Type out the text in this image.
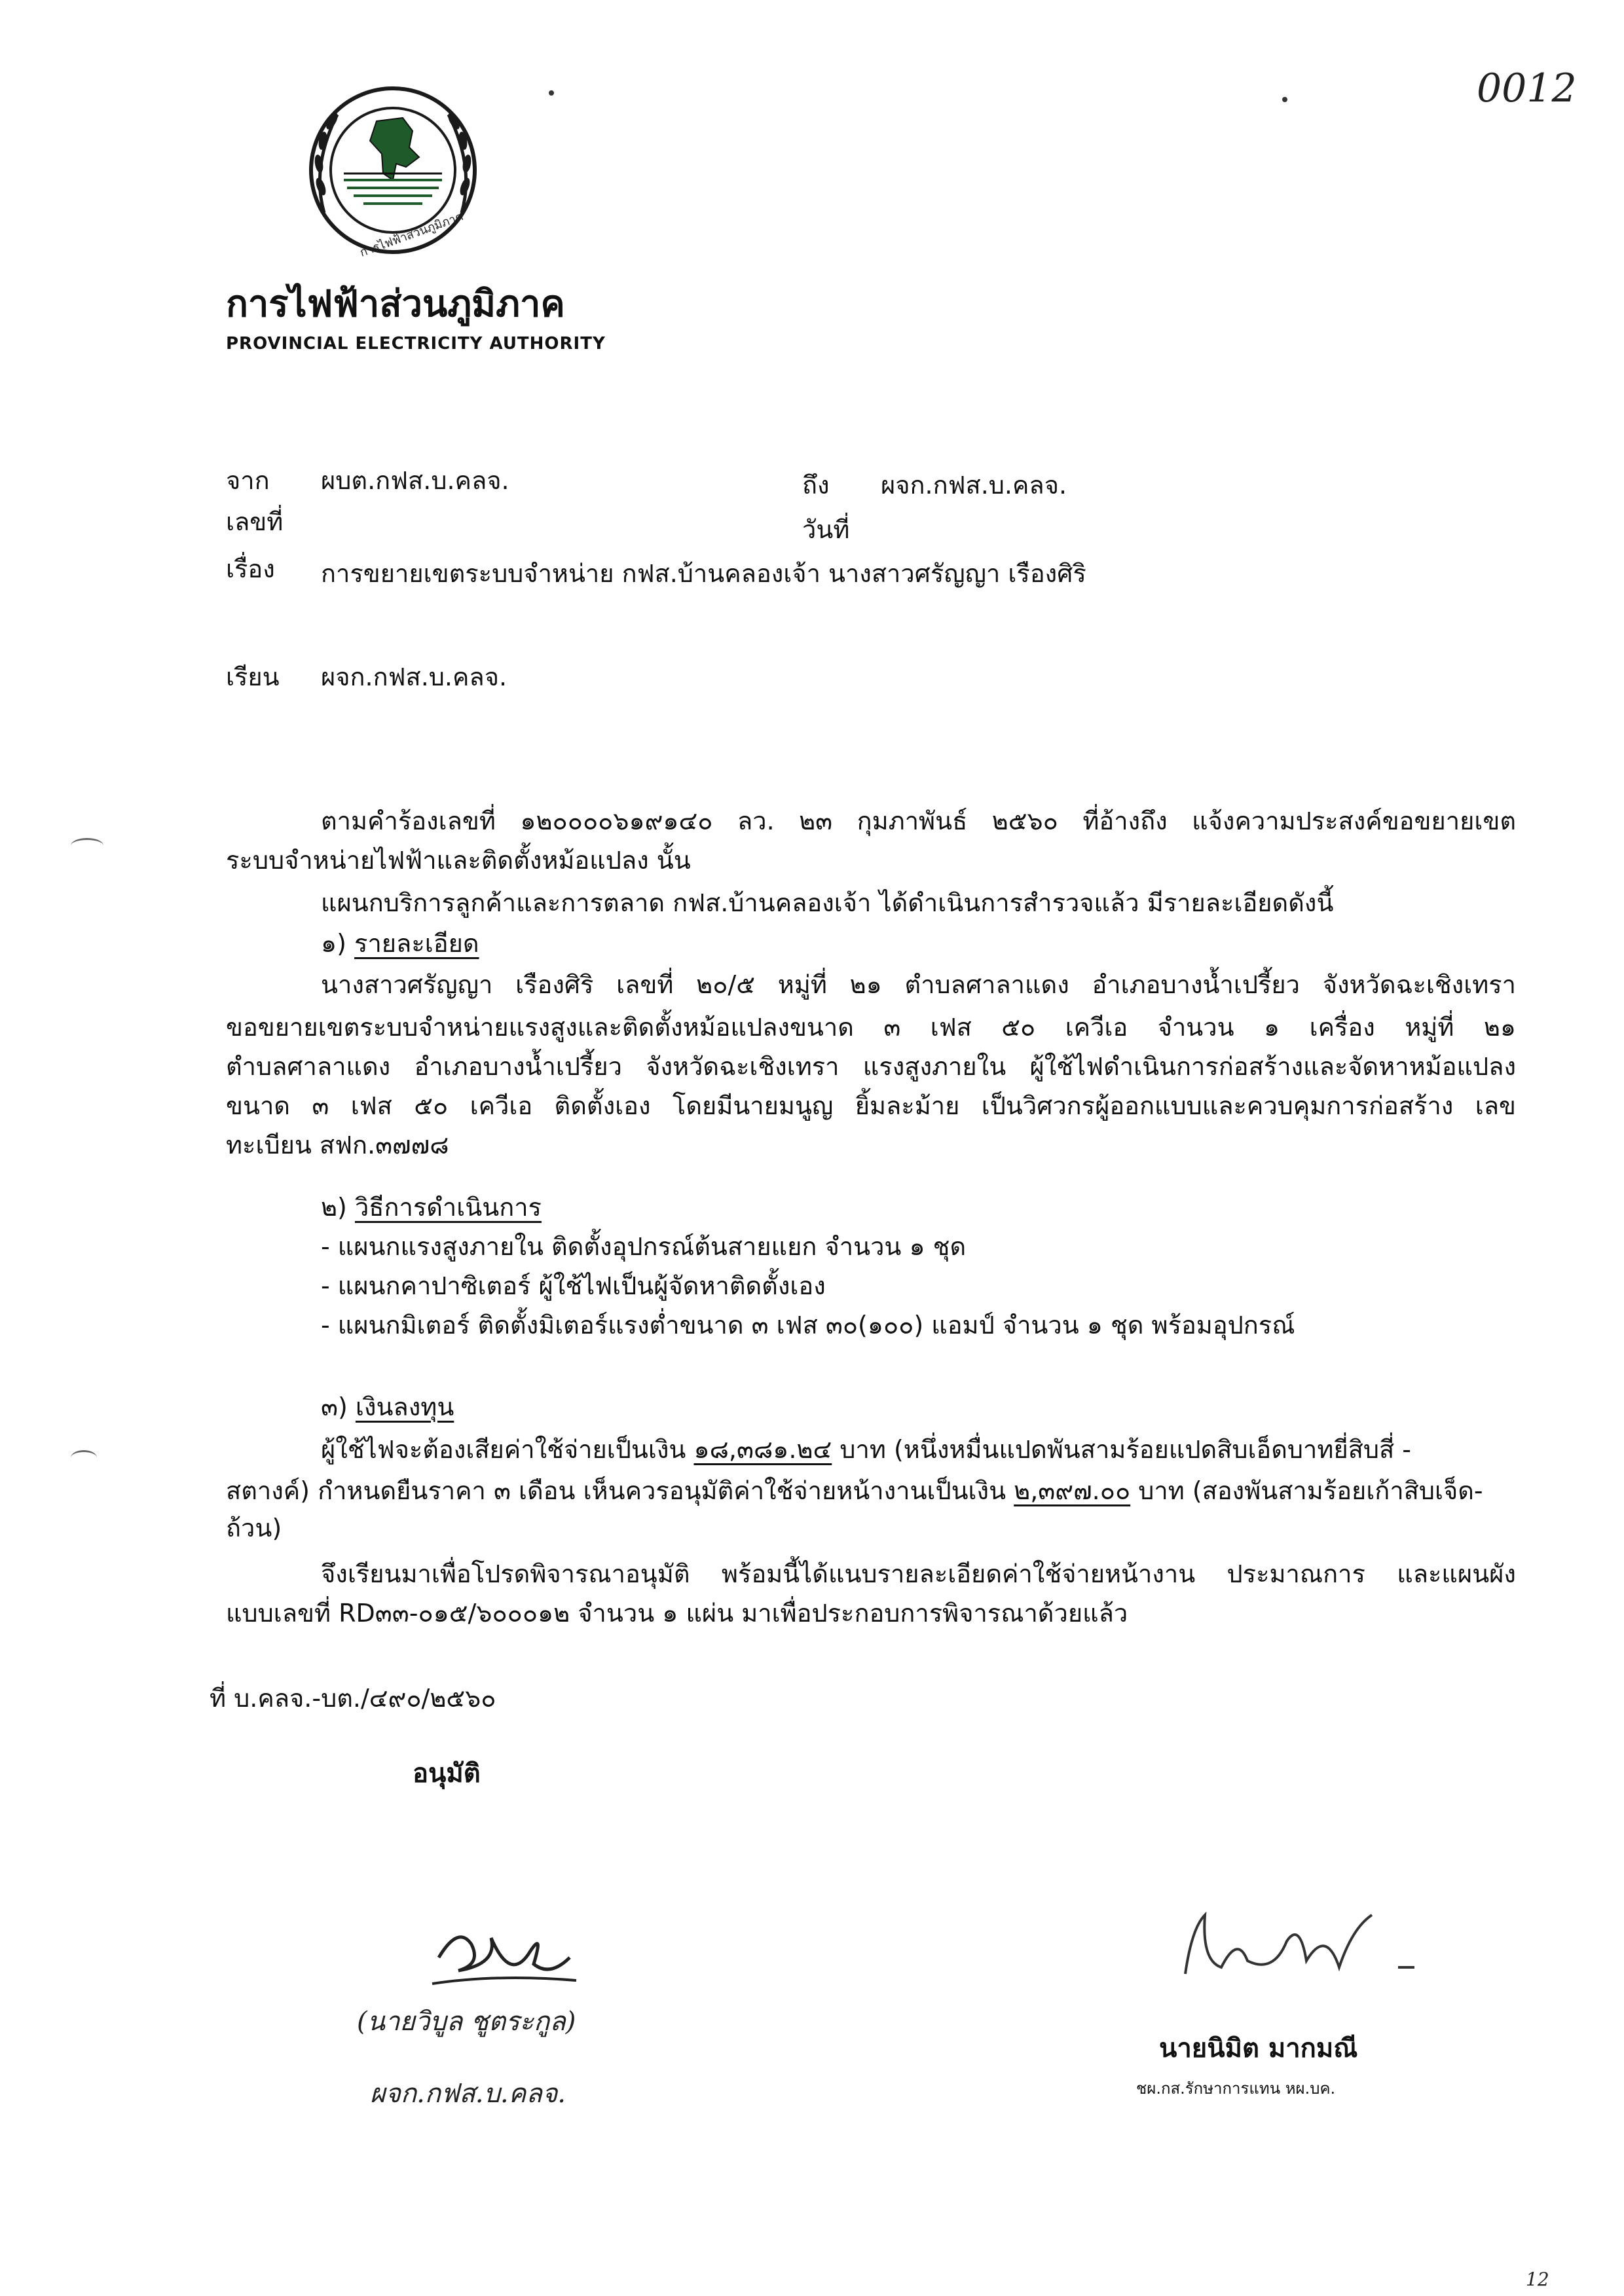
0012
การไฟฟ้าส่วนภูมิภาค
การไฟฟ้าส่วนภูมิภาค
PROVINCIAL ELECTRICITY AUTHORITY
จาก ผบต.กฟส.บ.คลจ.	ถึง ผจก.กฟส.บ.คลจ.
เลขที่	วันที่
เรื่อง การขยายเขตระบบจำหน่าย กฟส.บ้านคลองเจ้า นางสาวศรัญญา เรืองศิริ
เรียน ผจก.กฟส.บ.คลจ.
ตามคำร้องเลขที่ ๑๒๐๐๐๐๖๑๙๑๔๐ ลว. ๒๓ กุมภาพันธ์ ๒๕๖๐ ที่อ้างถึง แจ้งความประสงค์ขอขยายเขต
ระบบจำหน่ายไฟฟ้าและติดตั้งหม้อแปลง นั้น
แผนกบริการลูกค้าและการตลาด กฟส.บ้านคลองเจ้า ได้ดำเนินการสำรวจแล้ว มีรายละเอียดดังนี้
๑) รายละเอียด
นางสาวศรัญญา เรืองศิริ เลขที่ ๒๐/๕ หมู่ที่ ๒๑ ตำบลศาลาแดง อำเภอบางน้ำเปรี้ยว จังหวัดฉะเชิงเทรา
ขอขยายเขตระบบจำหน่ายแรงสูงและติดตั้งหม้อแปลงขนาด ๓ เฟส ๕๐ เควีเอ จำนวน ๑ เครื่อง หมู่ที่ ๒๑
ตำบลศาลาแดง อำเภอบางน้ำเปรี้ยว จังหวัดฉะเชิงเทรา แรงสูงภายใน ผู้ใช้ไฟดำเนินการก่อสร้างและจัดหาหม้อแปลง
ขนาด ๓ เฟส ๕๐ เควีเอ ติดตั้งเอง โดยมีนายมนูญ ยิ้มละม้าย เป็นวิศวกรผู้ออกแบบและควบคุมการก่อสร้าง เลข
ทะเบียน สฟก.๓๗๗๘
๒) วิธีการดำเนินการ
- แผนกแรงสูงภายใน ติดตั้งอุปกรณ์ต้นสายแยก จำนวน ๑ ชุด
- แผนกคาปาซิเตอร์ ผู้ใช้ไฟเป็นผู้จัดหาติดตั้งเอง
- แผนกมิเตอร์ ติดตั้งมิเตอร์แรงต่ำขนาด ๓ เฟส ๓๐(๑๐๐) แอมป์ จำนวน ๑ ชุด พร้อมอุปกรณ์
๓) เงินลงทุน
ผู้ใช้ไฟจะต้องเสียค่าใช้จ่ายเป็นเงิน ๑๘,๓๘๑.๒๔ บาท (หนึ่งหมื่นแปดพันสามร้อยแปดสิบเอ็ดบาทยี่สิบสี่ -
สตางค์) กำหนดยืนราคา ๓ เดือน เห็นควรอนุมัติค่าใช้จ่ายหน้างานเป็นเงิน ๒,๓๙๗.๐๐ บาท (สองพันสามร้อยเก้าสิบเจ็ด-
ถ้วน)
จึงเรียนมาเพื่อโปรดพิจารณาอนุมัติ พร้อมนี้ได้แนบรายละเอียดค่าใช้จ่ายหน้างาน ประมาณการ และแผนผัง
แบบเลขที่ RD๓๓-๐๑๕/๖๐๐๐๑๒ จำนวน ๑ แผ่น มาเพื่อประกอบการพิจารณาด้วยแล้ว
ที่ บ.คลจ.-บต./๔๙๐/๒๕๖๐
อนุมัติ
(นายวิบูล ชูตระกูล)
ผจก.กฟส.บ.คลจ.
นายนิมิต มากมณี
ชผ.กส.รักษาการแทน หผ.บค.
12
